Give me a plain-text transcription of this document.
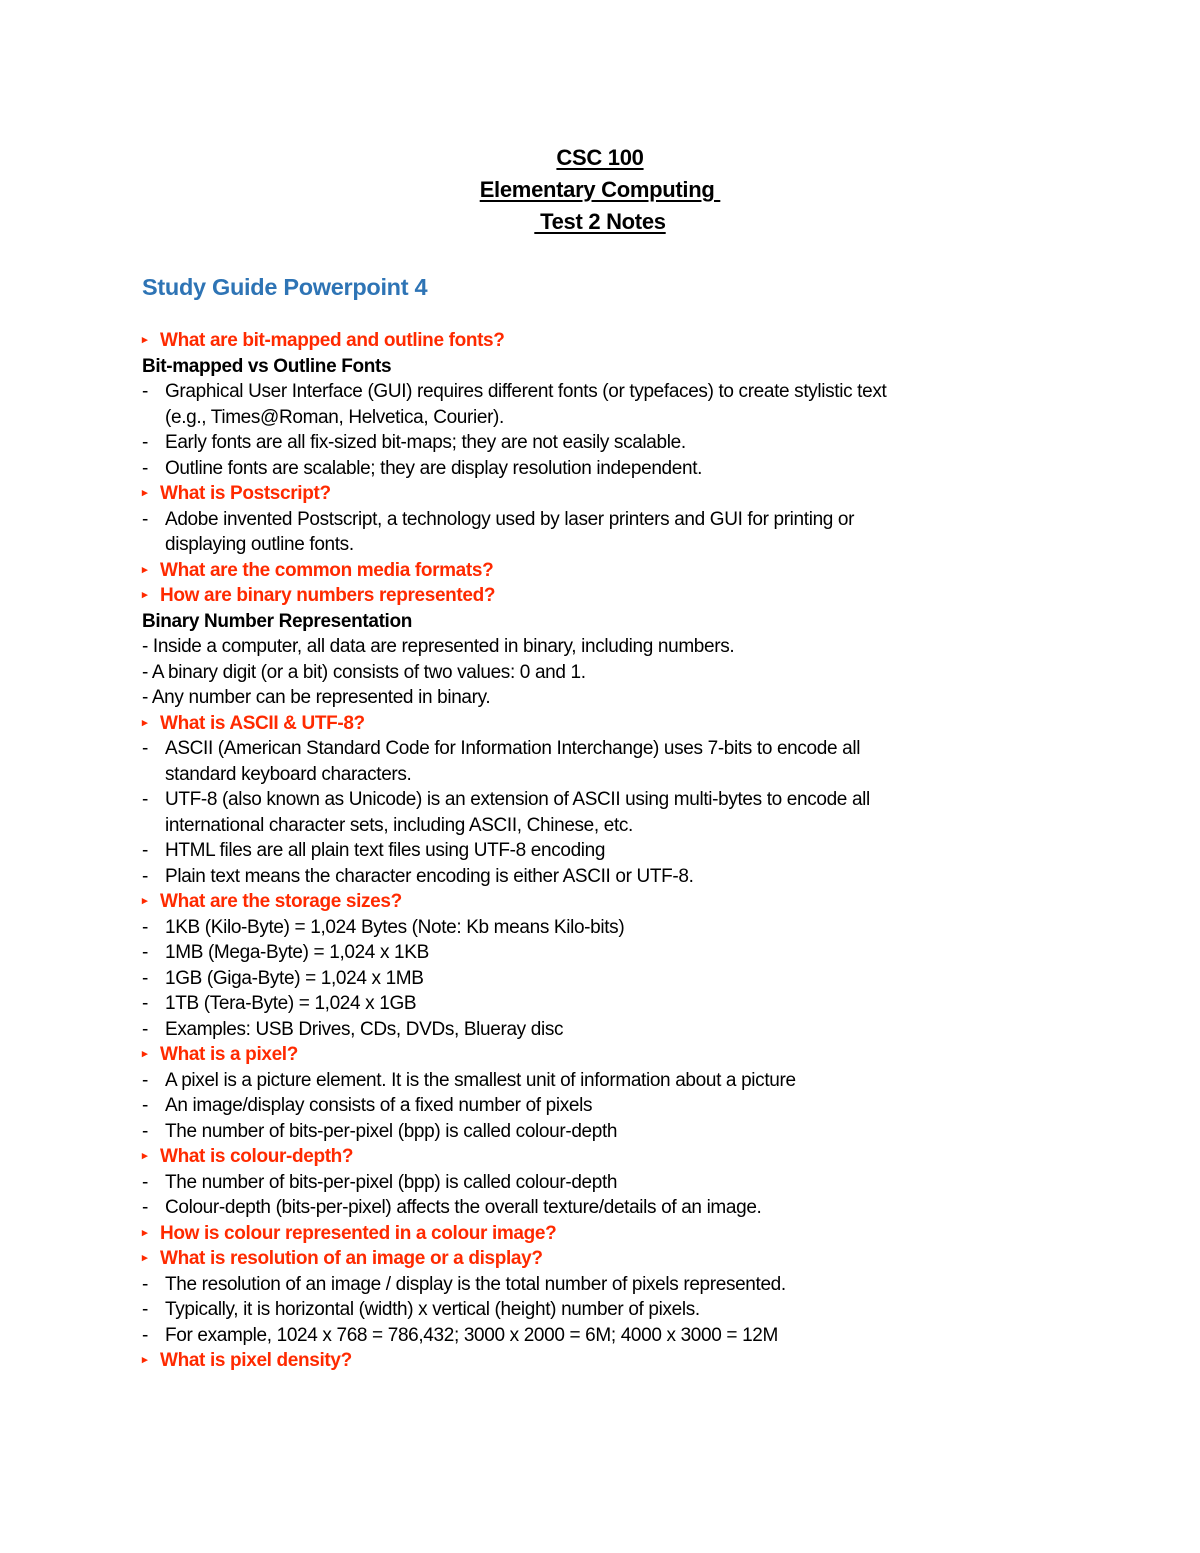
CSC 100
Elementary Computing
Test 2 Notes
Study Guide Powerpoint 4
▸ What are bit-mapped and outline fonts?
Bit-mapped vs Outline Fonts
- Graphical User Interface (GUI) requires different fonts (or typefaces) to create stylistic text
(e.g., Times@Roman, Helvetica, Courier).
- Early fonts are all fix-sized bit-maps; they are not easily scalable.
- Outline fonts are scalable; they are display resolution independent.
▸ What is Postscript?
- Adobe invented Postscript, a technology used by laser printers and GUI for printing or
displaying outline fonts.
▸ What are the common media formats?
▸ How are binary numbers represented?
Binary Number Representation
- Inside a computer, all data are represented in binary, including numbers.
- A binary digit (or a bit) consists of two values: 0 and 1.
- Any number can be represented in binary.
▸ What is ASCII & UTF-8?
- ASCII (American Standard Code for Information Interchange) uses 7-bits to encode all
standard keyboard characters.
- UTF-8 (also known as Unicode) is an extension of ASCII using multi-bytes to encode all
international character sets, including ASCII, Chinese, etc.
- HTML files are all plain text files using UTF-8 encoding
- Plain text means the character encoding is either ASCII or UTF-8.
▸ What are the storage sizes?
- 1KB (Kilo-Byte) = 1,024 Bytes (Note: Kb means Kilo-bits)
- 1MB (Mega-Byte) = 1,024 x 1KB
- 1GB (Giga-Byte) = 1,024 x 1MB
- 1TB (Tera-Byte) = 1,024 x 1GB
- Examples: USB Drives, CDs, DVDs, Blueray disc
▸ What is a pixel?
- A pixel is a picture element. It is the smallest unit of information about a picture
- An image/display consists of a fixed number of pixels
- The number of bits-per-pixel (bpp) is called colour-depth
▸ What is colour-depth?
- The number of bits-per-pixel (bpp) is called colour-depth
- Colour-depth (bits-per-pixel) affects the overall texture/details of an image.
▸ How is colour represented in a colour image?
▸ What is resolution of an image or a display?
- The resolution of an image / display is the total number of pixels represented.
- Typically, it is horizontal (width) x vertical (height) number of pixels.
- For example, 1024 x 768 = 786,432; 3000 x 2000 = 6M; 4000 x 3000 = 12M
▸ What is pixel density?
